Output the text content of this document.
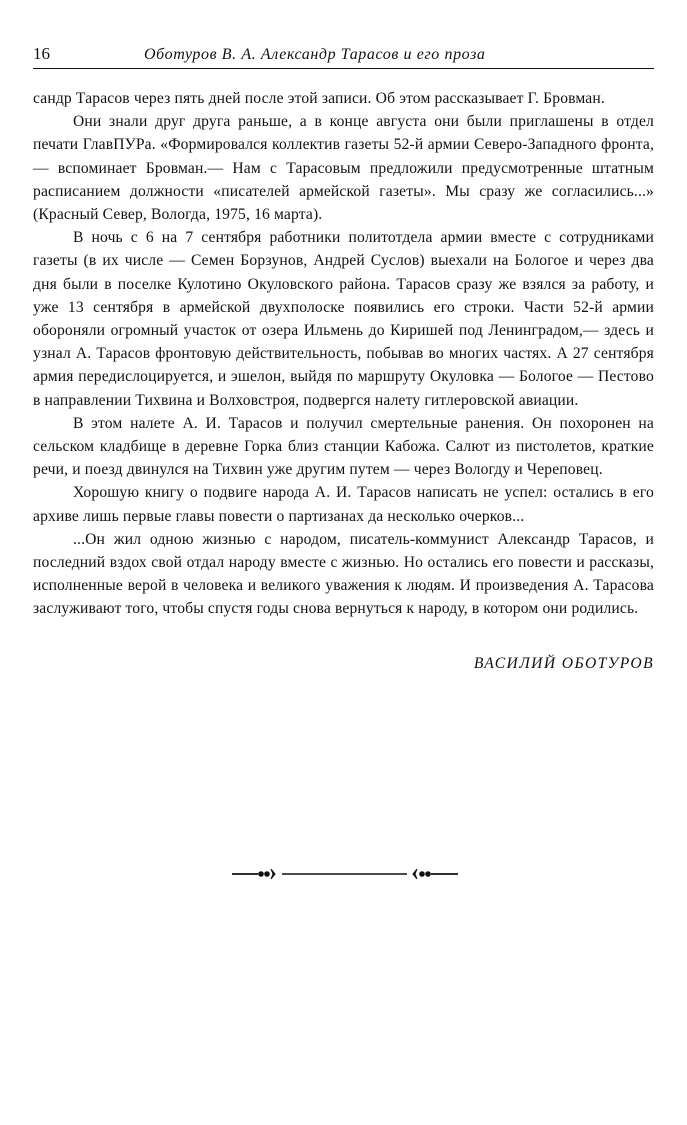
16	Оботуров В. А. Александр Тарасов и его проза

сандр Тарасов через пять дней после этой записи. Об этом рассказывает Г. Бровман.

Они знали друг друга раньше, а в конце августа они были приглашены в отдел печати ГлавПУРа. «Формировался коллектив газеты 52-й армии Северо-Западного фронта,— вспоминает Бровман.— Нам с Тарасовым предложили предусмотренные штатным расписанием должности «писателей армейской газеты». Мы сразу же согласились...» (Красный Север, Вологда, 1975, 16 марта).

В ночь с 6 на 7 сентября работники политотдела армии вместе с сотрудниками газеты (в их числе — Семен Борзунов, Андрей Суслов) выехали на Бологое и через два дня были в поселке Кулотино Окуловского района. Тарасов сразу же взялся за работу, и уже 13 сентября в армейской двухполоске появились его строки. Части 52-й армии обороняли огромный участок от озера Ильмень до Киришей под Ленинградом,— здесь и узнал А. Тарасов фронтовую действительность, побывав во многих частях. А 27 сентября армия передислоцируется, и эшелон, выйдя по маршруту Окуловка — Бологое — Пестово в направлении Тихвина и Волховстроя, подвергся налету гитлеровской авиации.

В этом налете А. И. Тарасов и получил смертельные ранения. Он похоронен на сельском кладбище в деревне Горка близ станции Кабожа. Салют из пистолетов, краткие речи, и поезд двинулся на Тихвин уже другим путем — через Вологду и Череповец.

Хорошую книгу о подвиге народа А. И. Тарасов написать не успел: остались в его архиве лишь первые главы повести о партизанах да несколько очерков...

...Он жил одною жизнью с народом, писатель-коммунист Александр Тарасов, и последний вздох свой отдал народу вместе с жизнью. Но остались его повести и рассказы, исполненные верой в человека и великого уважения к людям. И произведения А. Тарасова заслуживают того, чтобы спустя годы снова вернуться к народу, в котором они родились.

ВАСИЛИЙ ОБОТУРОВ
